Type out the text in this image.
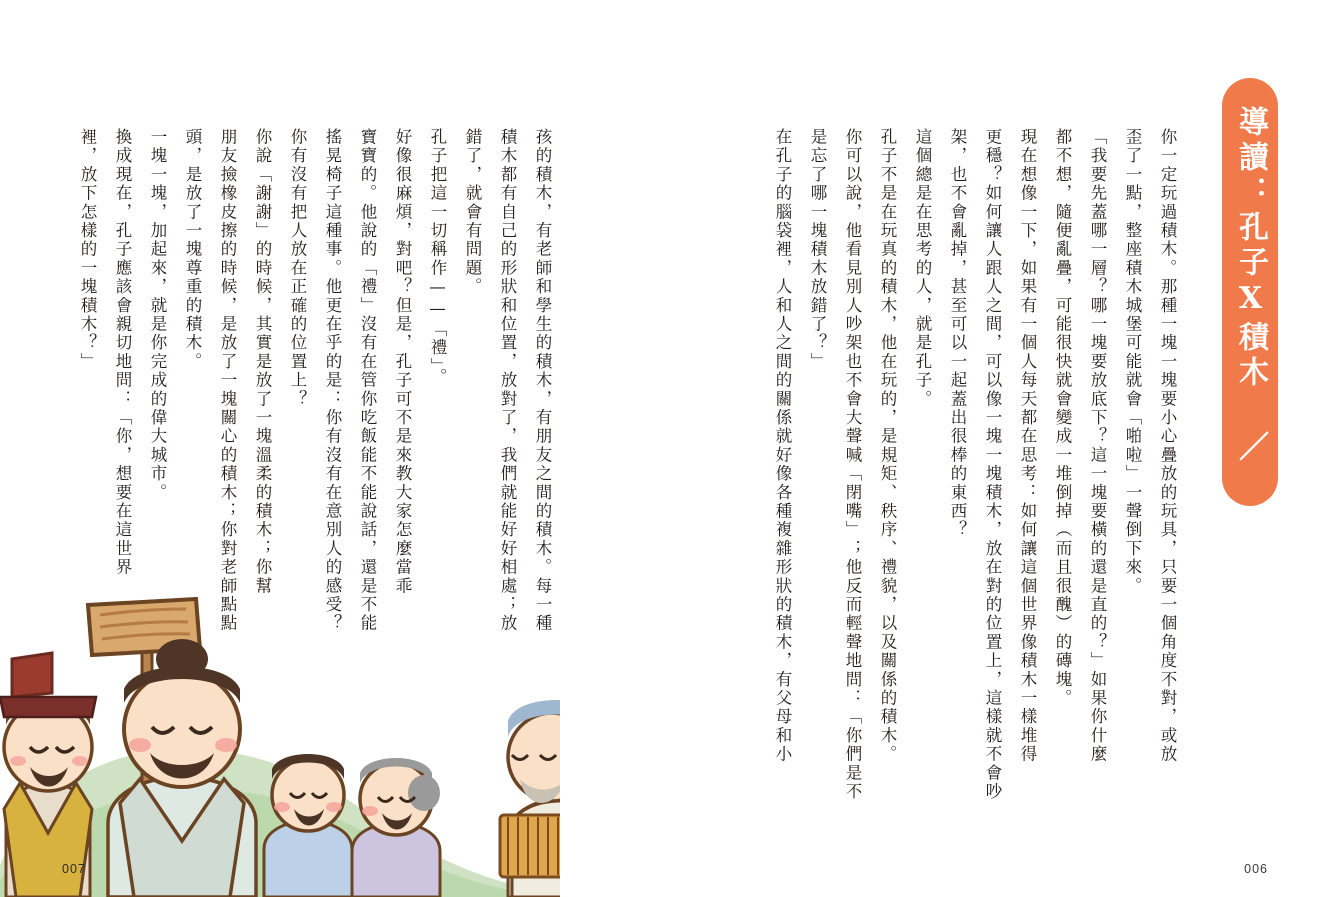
導讀：孔子X積木 ／ 厭世國文老師
你一定玩過積木。那種一塊一塊要小心疊放的玩具，只要一個角度不對，或放
歪了一點，整座積木城堡可能就會「啪啦」一聲倒下來。
「我要先蓋哪一層？哪一塊要放底下？這一塊要橫的還是直的？」如果你什麼
都不想，隨便亂疊，可能很快就會變成一堆倒掉（而且很醜）的磚塊。
現在想像一下，如果有一個人每天都在思考：如何讓這個世界像積木一樣堆得
更穩？如何讓人跟人之間，可以像一塊一塊積木，放在對的位置上，這樣就不會吵
架，也不會亂掉，甚至可以一起蓋出很棒的東西？
這個總是在思考的人，就是孔子。
孔子不是在玩真的積木，他在玩的，是規矩、秩序、禮貌，以及關係的積木。
你可以說，他看見別人吵架也不會大聲喊「閉嘴」；他反而輕聲地問：「你們是不
是忘了哪一塊積木放錯了？」
在孔子的腦袋裡，人和人之間的關係就好像各種複雜形狀的積木，有父母和小
孩的積木，有老師和學生的積木，有朋友之間的積木。每一種
積木都有自己的形狀和位置，放對了，我們就能好好相處；放
錯了，就會有問題。
孔子把這一切稱作——「禮」。
好像很麻煩，對吧？但是，孔子可不是來教大家怎麼當乖
寶寶的。他說的「禮」沒有在管你吃飯能不能說話，還是不能
搖晃椅子這種事。他更在乎的是：你有沒有在意別人的感受？
你有沒有把人放在正確的位置上？
你說「謝謝」的時候，其實是放了一塊溫柔的積木；你幫
朋友撿橡皮擦的時候，是放了一塊關心的積木；你對老師點點
頭，是放了一塊尊重的積木。
一塊一塊，加起來，就是你完成的偉大城市。
換成現在，孔子應該會親切地問：「你，想要在這世界
裡，放下怎樣的一塊積木？」
007	006
